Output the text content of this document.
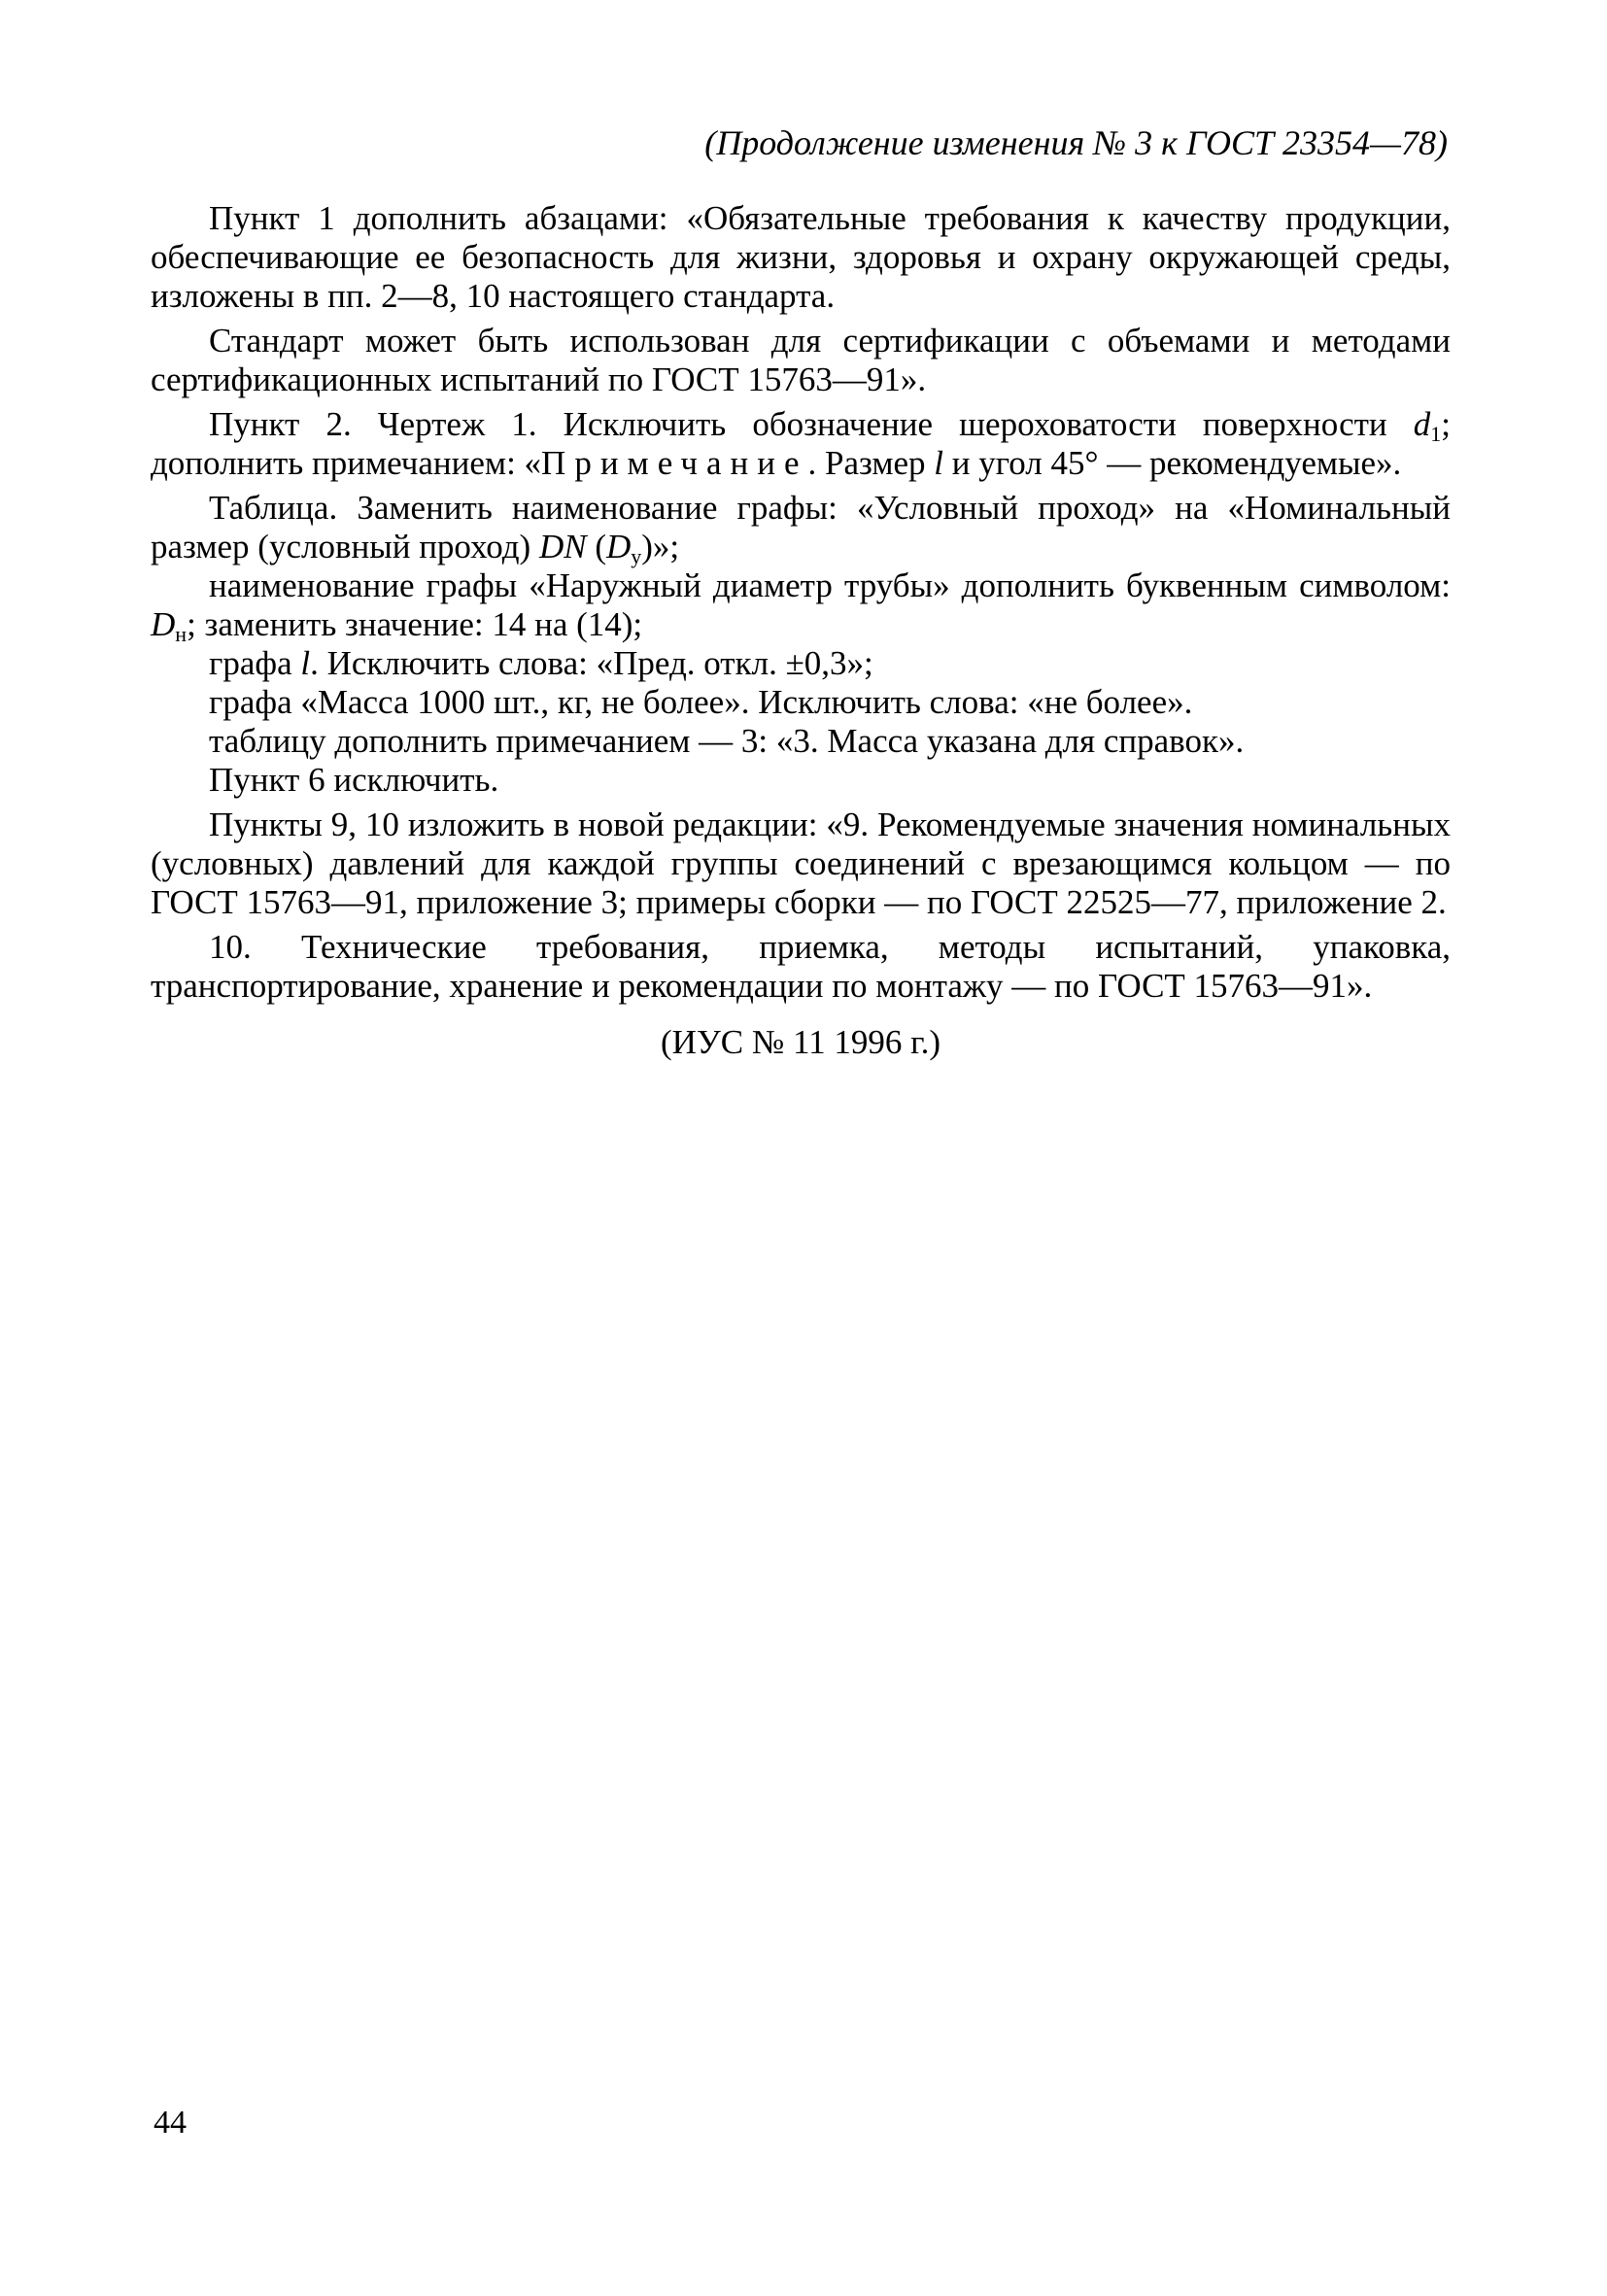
(Продолжение изменения № 3 к ГОСТ 23354—78)

Пункт 1 дополнить абзацами: «Обязательные требования к качеству продукции, обеспечивающие ее безопасность для жизни, здоровья и охрану окружающей среды, изложены в пп. 2—8, 10 настоящего стандарта.

Стандарт может быть использован для сертификации с объемами и методами сертификационных испытаний по ГОСТ 15763—91».

Пункт 2. Чертеж 1. Исключить обозначение шероховатости поверхности $d_1$; дополнить примечанием: «Примечание. Размер l и угол 45° — рекомендуемые».

Таблица. Заменить наименование графы: «Условный проход» на «Номинальный размер (условный проход) DN $(D_у)$»;

наименование графы «Наружный диаметр трубы» дополнить буквенным символом: $D_н$; заменить значение: 14 на (14);

графа l. Исключить слова: «Пред. откл. ±0,3»;

графа «Масса 1000 шт., кг, не более». Исключить слова: «не более».

таблицу дополнить примечанием — 3: «3. Масса указана для справок».

Пункт 6 исключить.

Пункты 9, 10 изложить в новой редакции: «9. Рекомендуемые значения номинальных (условных) давлений для каждой группы соединений с врезающимся кольцом — по ГОСТ 15763—91, приложение 3; примеры сборки — по ГОСТ 22525—77, приложение 2.

10. Технические требования, приемка, методы испытаний, упаковка, транспортирование, хранение и рекомендации по монтажу — по ГОСТ 15763—91».

(ИУС № 11 1996 г.)
44
